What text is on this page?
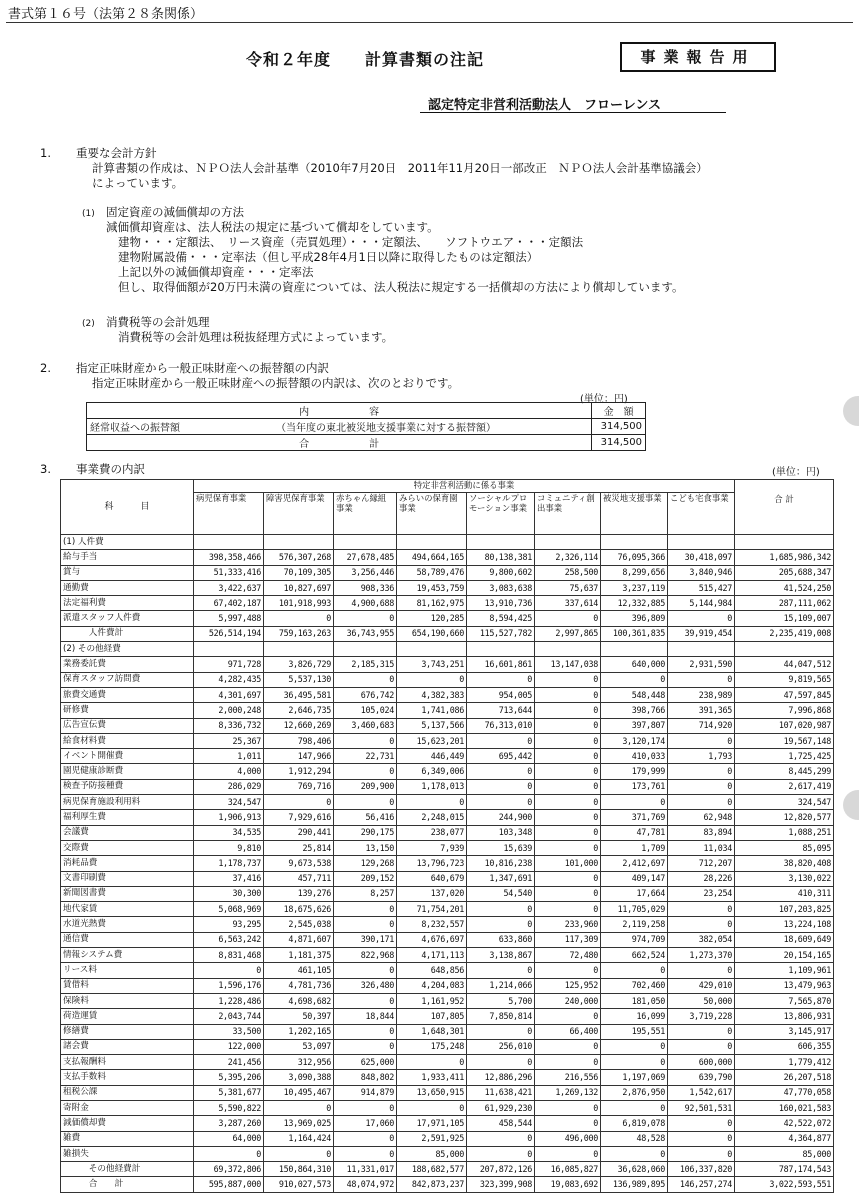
書式第１６号（法第２８条関係）
令和２年度 計算書類の注記	事業報告用
認定特定非営利活動法人　フローレンス
1. 重要な会計方針
計算書類の作成は、ＮＰＯ法人会計基準（2010年7月20日　2011年11月20日一部改正　ＮＰＯ法人会計基準協議会）
によっています。
(1) 固定資産の減価償却の方法
減価償却資産は、法人税法の規定に基づいて償却をしています。
建物・・・定額法、　リース資産（売買処理）・・・定額法、　　ソフトウエア・・・定額法
建物附属設備・・・定率法（但し平成28年4月1日以降に取得したものは定額法）
上記以外の減価償却資産・・・定率法
但し、取得価額が20万円未満の資産については、法人税法に規定する一括償却の方法により償却しています。
(2) 消費税等の会計処理
消費税等の会計処理は税抜経理方式によっています。
2. 指定正味財産から一般正味財産への振替額の内訳
指定正味財産から一般正味財産への振替額の内訳は、次のとおりです。
(単位：円)
内　　　　　　容		金　額
経常収益への振替額	（当年度の東北被災地支援事業に対する振替額）	314,500
合　　　　　　計		314,500
3. 事業費の内訳	(単位：円)
科　　　目	特定非営利活動に係る事業								合 計
	病児保育事業	障害児保育事業	赤ちゃん縁組事業	みらいの保育園事業	ソーシャルプロモーション事業	コミュニティ創出事業	被災地支援事業	こども宅食事業	
(1) 人件費									
給与手当	398,358,466	576,307,268	27,678,485	494,664,165	80,138,381	2,326,114	76,095,366	30,418,097	1,685,986,342
賞与	51,333,416	70,109,305	3,256,446	58,789,476	9,800,602	258,500	8,299,656	3,840,946	205,688,347
通勤費	3,422,637	10,827,697	908,336	19,453,759	3,083,638	75,637	3,237,119	515,427	41,524,250
法定福利費	67,402,187	101,918,993	4,900,688	81,162,975	13,910,736	337,614	12,332,885	5,144,984	287,111,062
派遣スタッフ人件費	5,997,488	0	0	120,285	8,594,425	0	396,809	0	15,109,007
　　　人件費計	526,514,194	759,163,263	36,743,955	654,190,660	115,527,782	2,997,865	100,361,835	39,919,454	2,235,419,008
(2) その他経費									
業務委託費	971,728	3,826,729	2,185,315	3,743,251	16,601,861	13,147,038	640,000	2,931,590	44,047,512
保育スタッフ訪問費	4,282,435	5,537,130	0	0	0	0	0	0	9,819,565
旅費交通費	4,301,697	36,495,581	676,742	4,382,383	954,005	0	548,448	238,989	47,597,845
研修費	2,000,248	2,646,735	105,024	1,741,086	713,644	0	398,766	391,365	7,996,868
広告宣伝費	8,336,732	12,660,269	3,460,683	5,137,566	76,313,010	0	397,807	714,920	107,020,987
給食材料費	25,367	798,406	0	15,623,201	0	0	3,120,174	0	19,567,148
イベント開催費	1,011	147,966	22,731	446,449	695,442	0	410,033	1,793	1,725,425
園児健康診断費	4,000	1,912,294	0	6,349,006	0	0	179,999	0	8,445,299
検査予防接種費	286,029	769,716	209,900	1,178,013	0	0	173,761	0	2,617,419
病児保育施設利用料	324,547	0	0	0	0	0	0	0	324,547
福利厚生費	1,906,913	7,929,616	56,416	2,248,015	244,900	0	371,769	62,948	12,820,577
会議費	34,535	290,441	290,175	238,077	103,348	0	47,781	83,894	1,088,251
交際費	9,810	25,814	13,150	7,939	15,639	0	1,709	11,034	85,095
消耗品費	1,178,737	9,673,538	129,268	13,796,723	10,816,238	101,000	2,412,697	712,207	38,820,408
文書印刷費	37,416	457,711	209,152	640,679	1,347,691	0	409,147	28,226	3,130,022
新聞図書費	30,300	139,276	8,257	137,020	54,540	0	17,664	23,254	410,311
地代家賃	5,068,969	18,675,626	0	71,754,201	0	0	11,705,029	0	107,203,825
水道光熱費	93,295	2,545,038	0	8,232,557	0	233,960	2,119,258	0	13,224,108
通信費	6,563,242	4,871,607	390,171	4,676,697	633,860	117,309	974,709	382,054	18,609,649
情報システム費	8,831,468	1,181,375	822,968	4,171,113	3,138,867	72,480	662,524	1,273,370	20,154,165
リース料	0	461,105	0	648,856	0	0	0	0	1,109,961
賃借料	1,596,176	4,781,736	326,480	4,204,083	1,214,066	125,952	702,460	429,010	13,479,963
保険料	1,228,486	4,698,682	0	1,161,952	5,700	240,000	181,050	50,000	7,565,870
荷造運賃	2,043,744	50,397	18,844	107,805	7,850,814	0	16,099	3,719,228	13,806,931
修繕費	33,500	1,202,165	0	1,648,301	0	66,400	195,551	0	3,145,917
諸会費	122,000	53,097	0	175,248	256,010	0	0	0	606,355
支払報酬料	241,456	312,956	625,000	0	0	0	0	600,000	1,779,412
支払手数料	5,395,206	3,090,388	848,802	1,933,411	12,886,296	216,556	1,197,069	639,790	26,207,518
租税公課	5,381,677	10,495,467	914,879	13,650,915	11,638,421	1,269,132	2,876,950	1,542,617	47,770,058
寄附金	5,590,822	0	0	0	61,929,230	0	0	92,501,531	160,021,583
減価償却費	3,287,260	13,969,025	17,060	17,971,105	458,544	0	6,819,078	0	42,522,072
雑費	64,000	1,164,424	0	2,591,925	0	496,000	48,528	0	4,364,877
雑損失	0	0	0	85,000	0	0	0	0	85,000
　　　その他経費計	69,372,806	150,864,310	11,331,017	188,682,577	207,872,126	16,085,827	36,628,060	106,337,820	787,174,543
　　　合　　計	595,887,000	910,027,573	48,074,972	842,873,237	323,399,908	19,083,692	136,989,895	146,257,274	3,022,593,551
